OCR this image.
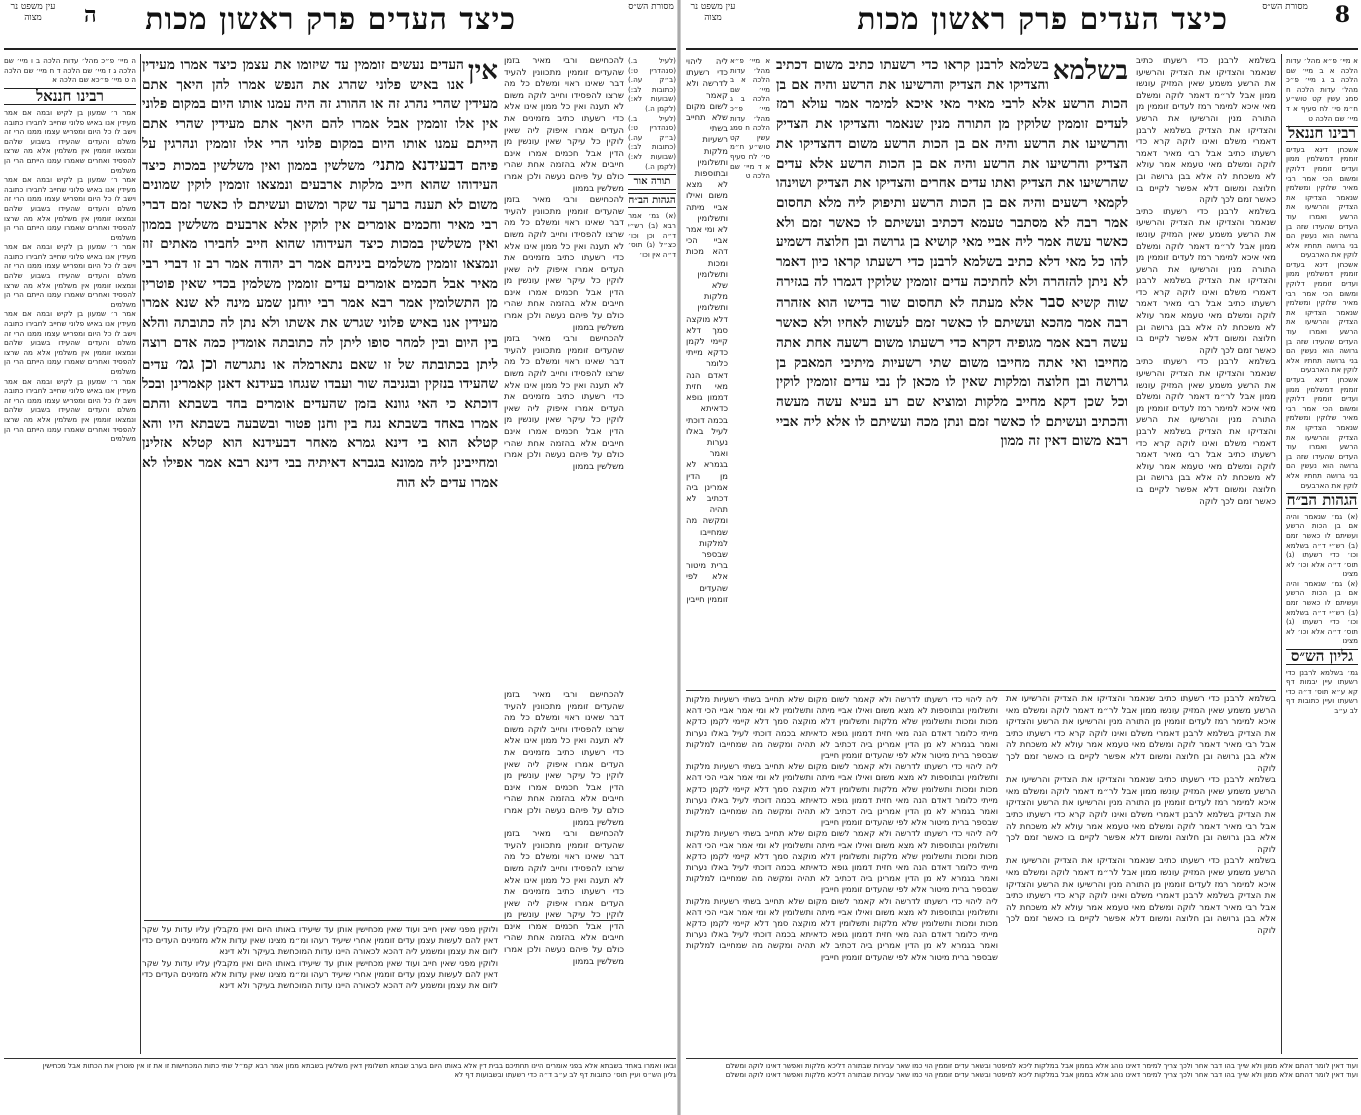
8
כיצד העדים פרק ראשון מכות
עין משפט נר מצוה
מסורת הש״ס

א מיי׳ פ״א מהל׳ עדות הלכה א ב מיי׳ שם הלכה ב ג מיי׳ פ״כ מהל׳ עדות הלכה ח סמג עשין קט טוש״ע ח״מ סי׳ לח סעיף א ד מיי׳ שם הלכה ט

רבינו חננאל

אשכחן דינא בעדים זוממין דמשלמין ממון ועדים זוממין דלוקין ומשום הכי אמר רבי מאיר שלוקין ומשלמין שנאמר הצדיקו את הצדיק והרשיעו את הרשע ואמרו עוד העדים שהעידו שזה בן גרושה הוא נעשין הם בני גרושה תחתיו אלא לוקין את הארבעים

אשכחן דינא בעדים זוממין דמשלמין ממון ועדים זוממין דלוקין ומשום הכי אמר רבי מאיר שלוקין ומשלמין שנאמר הצדיקו את הצדיק והרשיעו את הרשע ואמרו עוד העדים שהעידו שזה בן גרושה הוא נעשין הם בני גרושה תחתיו אלא לוקין את הארבעים

אשכחן דינא בעדים זוממין דמשלמין ממון ועדים זוממין דלוקין ומשום הכי אמר רבי מאיר שלוקין ומשלמין שנאמר הצדיקו את הצדיק והרשיעו את הרשע ואמרו עוד העדים שהעידו שזה בן גרושה הוא נעשין הם בני גרושה תחתיו אלא לוקין את הארבעים

הגהות הב״ח

(א) גמ׳ שנאמר והיה אם בן הכות הרשע ועשיתם לו כאשר זמם (ב) רש״י ד״ה בשלמא וכו׳ כדי רשעתו (ג) תוס׳ ד״ה אלא וכו׳ לא מצינו

(א) גמ׳ שנאמר והיה אם בן הכות הרשע ועשיתם לו כאשר זמם (ב) רש״י ד״ה בשלמא וכו׳ כדי רשעתו (ג) תוס׳ ד״ה אלא וכו׳ לא מצינו

גליון הש״ס

גמ׳ בשלמא לרבנן כדי רשעתו עיין יבמות דף קא ע״א תוס׳ ד״ה כדי רשעתו ועיין כתובות דף לב ע״ב

בשלמא לרבנן כדי רשעתו כתיב שנאמר והצדיקו את הצדיק והרשיעו את הרשע משמע שאין המזיק עונשו ממון אבל לר״מ דאמר לוקה ומשלם מאי איכא למימר רמז לעדים זוממין מן התורה מנין והרשיעו את הרשע והצדיקו את הצדיק בשלמא לרבנן דאמרי משלם ואינו לוקה קרא כדי רשעתו כתיב אבל רבי מאיר דאמר לוקה ומשלם מאי טעמא אמר עולא לא משכחת לה אלא בבן גרושה ובן חלוצה ומשום דלא אפשר לקיים בו כאשר זמם לכך לוקה

בשלמא לרבנן כדי רשעתו כתיב שנאמר והצדיקו את הצדיק והרשיעו את הרשע משמע שאין המזיק עונשו ממון אבל לר״מ דאמר לוקה ומשלם מאי איכא למימר רמז לעדים זוממין מן התורה מנין והרשיעו את הרשע והצדיקו את הצדיק בשלמא לרבנן דאמרי משלם ואינו לוקה קרא כדי רשעתו כתיב אבל רבי מאיר דאמר לוקה ומשלם מאי טעמא אמר עולא לא משכחת לה אלא בבן גרושה ובן חלוצה ומשום דלא אפשר לקיים בו כאשר זמם לכך לוקה

בשלמא לרבנן כדי רשעתו כתיב שנאמר והצדיקו את הצדיק והרשיעו את הרשע משמע שאין המזיק עונשו ממון אבל לר״מ דאמר לוקה ומשלם מאי איכא למימר רמז לעדים זוממין מן התורה מנין והרשיעו את הרשע והצדיקו את הצדיק בשלמא לרבנן דאמרי משלם ואינו לוקה קרא כדי רשעתו כתיב אבל רבי מאיר דאמר לוקה ומשלם מאי טעמא אמר עולא לא משכחת לה אלא בבן גרושה ובן חלוצה ומשום דלא אפשר לקיים בו כאשר זמם לכך לוקה

בשלמא
בשלמא לרבנן קראו כדי רשעתו כתיב משום דכתיב והצדיקו את הצדיק והרשיעו את הרשע והיה אם בן הכות הרשע אלא לרבי מאיר מאי איכא למימר אמר עולא רמז לעדים זוממין שלוקין מן התורה מנין שנאמר והצדיקו את הצדיק והרשיעו את הרשע והיה אם בן הכות הרשע משום דהצדיקו את הצדיק והרשיעו את הרשע והיה אם בן הכות הרשע אלא עדים שהרשיעו את הצדיק ואתו עדים אחרים והצדיקו את הצדיק ושוינהו לקמאי רשעים והיה אם בן הכות הרשע ותיפוק ליה מלא תחסום אמר רבה לא מסתבר טעמא דכתיב ועשיתם לו כאשר זמם ולא כאשר עשה אמר ליה אביי מאי קושיא בן גרושה ובן חלוצה דשמיע להו כל מאי דלא כתיב בשלמא לרבנן כדי רשעתו קראו כיון דאמר לא ניתן להזהרה ולא לחתיכה עדים זוממין שלוקין דגמרו לה בגזירה שוה קשיא סבר אלא מעתה לא תחסום שור בדישו הוא אזהרה רבה אמר מהכא ועשיתם לו כאשר זמם לעשות לאחיו ולא כאשר עשה רבא אמר מגופיה דקרא כדי רשעתו משום רשעה אחת אתה מחייבו ואי אתה מחייבו משום שתי רשעיות מיתיבי המאבק בן גרושה ובן חלוצה ומלקות שאין לו מכאן לן נבי עדים זוממין לוקין וכל שכן דקא מחייב מלקות ומוציא שם רע בעיא עשה מעשה והכתיב ועשיתם לו כאשר זמם ונתן מכה ועשיתם לו אלא ליה אביי רבא משום דאין זה ממון

א מיי׳ פ״א מהל׳ עדות הלכה א ב מיי׳ שם הלכה ב ג מיי׳ פ״כ מהל׳ עדות הלכה ח סמג עשין קט טוש״ע ח״מ סי׳ לח סעיף א ד מיי׳ שם הלכה ט

ליה ליהוי כדי רשעתו לדרשה ולא קאמר לשום מקום שלא תחייב בשתי רשעיות מלקות ותשלומין ובתוספות לא מצא משום ואילו אביי מיתה ותשלומין לא ומי אמר אביי הכי דהא מכות ומכות ותשלומין שלא מלקות ותשלומין דלא מוקצה סמך דלא קיימי לקמן כדקא מייתי כלומר דאדם הנה מאי חזית דממון גופא כדאיתא בכמה דוכתי לעיל באלו נערות ואמר בגמרא לא מן הדין אמרינן ביה דכתיב לא תהיה ומקשה מה שמחייבו למלקות שבספר ברית מיטור אלא לפי שהעדים זוממין חייבין

בשלמא לרבנן כדי רשעתו כתיב שנאמר והצדיקו את הצדיק והרשיעו את הרשע משמע שאין המזיק עונשו ממון אבל לר״מ דאמר לוקה ומשלם מאי איכא למימר רמז לעדים זוממין מן התורה מנין והרשיעו את הרשע והצדיקו את הצדיק בשלמא לרבנן דאמרי משלם ואינו לוקה קרא כדי רשעתו כתיב אבל רבי מאיר דאמר לוקה ומשלם מאי טעמא אמר עולא לא משכחת לה אלא בבן גרושה ובן חלוצה ומשום דלא אפשר לקיים בו כאשר זמם לכך לוקה

בשלמא לרבנן כדי רשעתו כתיב שנאמר והצדיקו את הצדיק והרשיעו את הרשע משמע שאין המזיק עונשו ממון אבל לר״מ דאמר לוקה ומשלם מאי איכא למימר רמז לעדים זוממין מן התורה מנין והרשיעו את הרשע והצדיקו את הצדיק בשלמא לרבנן דאמרי משלם ואינו לוקה קרא כדי רשעתו כתיב אבל רבי מאיר דאמר לוקה ומשלם מאי טעמא אמר עולא לא משכחת לה אלא בבן גרושה ובן חלוצה ומשום דלא אפשר לקיים בו כאשר זמם לכך לוקה

בשלמא לרבנן כדי רשעתו כתיב שנאמר והצדיקו את הצדיק והרשיעו את הרשע משמע שאין המזיק עונשו ממון אבל לר״מ דאמר לוקה ומשלם מאי איכא למימר רמז לעדים זוממין מן התורה מנין והרשיעו את הרשע והצדיקו את הצדיק בשלמא לרבנן דאמרי משלם ואינו לוקה קרא כדי רשעתו כתיב אבל רבי מאיר דאמר לוקה ומשלם מאי טעמא אמר עולא לא משכחת לה אלא בבן גרושה ובן חלוצה ומשום דלא אפשר לקיים בו כאשר זמם לכך לוקה

ליה ליהוי כדי רשעתו לדרשה ולא קאמר לשום מקום שלא תחייב בשתי רשעיות מלקות ותשלומין ובתוספות לא מצא משום ואילו אביי מיתה ותשלומין לא ומי אמר אביי הכי דהא מכות ומכות ותשלומין שלא מלקות ותשלומין דלא מוקצה סמך דלא קיימי לקמן כדקא מייתי כלומר דאדם הנה מאי חזית דממון גופא כדאיתא בכמה דוכתי לעיל באלו נערות ואמר בגמרא לא מן הדין אמרינן ביה דכתיב לא תהיה ומקשה מה שמחייבו למלקות שבספר ברית מיטור אלא לפי שהעדים זוממין חייבין

ליה ליהוי כדי רשעתו לדרשה ולא קאמר לשום מקום שלא תחייב בשתי רשעיות מלקות ותשלומין ובתוספות לא מצא משום ואילו אביי מיתה ותשלומין לא ומי אמר אביי הכי דהא מכות ומכות ותשלומין שלא מלקות ותשלומין דלא מוקצה סמך דלא קיימי לקמן כדקא מייתי כלומר דאדם הנה מאי חזית דממון גופא כדאיתא בכמה דוכתי לעיל באלו נערות ואמר בגמרא לא מן הדין אמרינן ביה דכתיב לא תהיה ומקשה מה שמחייבו למלקות שבספר ברית מיטור אלא לפי שהעדים זוממין חייבין

ליה ליהוי כדי רשעתו לדרשה ולא קאמר לשום מקום שלא תחייב בשתי רשעיות מלקות ותשלומין ובתוספות לא מצא משום ואילו אביי מיתה ותשלומין לא ומי אמר אביי הכי דהא מכות ומכות ותשלומין שלא מלקות ותשלומין דלא מוקצה סמך דלא קיימי לקמן כדקא מייתי כלומר דאדם הנה מאי חזית דממון גופא כדאיתא בכמה דוכתי לעיל באלו נערות ואמר בגמרא לא מן הדין אמרינן ביה דכתיב לא תהיה ומקשה מה שמחייבו למלקות שבספר ברית מיטור אלא לפי שהעדים זוממין חייבין

ליה ליהוי כדי רשעתו לדרשה ולא קאמר לשום מקום שלא תחייב בשתי רשעיות מלקות ותשלומין ובתוספות לא מצא משום ואילו אביי מיתה ותשלומין לא ומי אמר אביי הכי דהא מכות ומכות ותשלומין שלא מלקות ותשלומין דלא מוקצה סמך דלא קיימי לקמן כדקא מייתי כלומר דאדם הנה מאי חזית דממון גופא כדאיתא בכמה דוכתי לעיל באלו נערות ואמר בגמרא לא מן הדין אמרינן ביה דכתיב לא תהיה ומקשה מה שמחייבו למלקות שבספר ברית מיטור אלא לפי שהעדים זוממין חייבין

ועוד דאין לומר דהתם אלא ממון ולא שייך בהו דבר אחר ולכך צריך למימר דאינו נוהג אלא בממון אבל במלקות ליכא למיפטר ובשאר עדים זוממין הוי כמו שאר עבירות שבתורה דליכא מלקות ואפשר דאינו לוקה ומשלם

ועוד דאין לומר דהתם אלא ממון ולא שייך בהו דבר אחר ולכך צריך למימר דאינו נוהג אלא בממון אבל במלקות ליכא למיפטר ובשאר עדים זוממין הוי כמו שאר עבירות שבתורה דליכא מלקות ואפשר דאינו לוקה ומשלם

כיצד העדים פרק ראשון מכות
ה
עין משפט נר מצוה
מסורת הש״ס

להכחישם ורבי מאיר בזמן שהעדים זוממין מתכוונין להעיד דבר שאינו ראוי ומשלם כל מה שרצו להפסידו וחייב לוקה משום לא תענה ואין כל ממון אינו אלא כדי רשעתו כתיב מזמינים את העדים אמרו איפוק ליה שאין לוקין כל עיקר שאין עונשין מן הדין אבל חכמים אמרו אינם חייבים אלא בהזמה אחת שהרי כולם על פיהם נעשה ולכן אמרו משלשין בממון

להכחישם ורבי מאיר בזמן שהעדים זוממין מתכוונין להעיד דבר שאינו ראוי ומשלם כל מה שרצו להפסידו וחייב לוקה משום לא תענה ואין כל ממון אינו אלא כדי רשעתו כתיב מזמינים את העדים אמרו איפוק ליה שאין לוקין כל עיקר שאין עונשין מן הדין אבל חכמים אמרו אינם חייבים אלא בהזמה אחת שהרי כולם על פיהם נעשה ולכן אמרו משלשין בממון

להכחישם ורבי מאיר בזמן שהעדים זוממין מתכוונין להעיד דבר שאינו ראוי ומשלם כל מה שרצו להפסידו וחייב לוקה משום לא תענה ואין כל ממון אינו אלא כדי רשעתו כתיב מזמינים את העדים אמרו איפוק ליה שאין לוקין כל עיקר שאין עונשין מן הדין אבל חכמים אמרו אינם חייבים אלא בהזמה אחת שהרי כולם על פיהם נעשה ולכן אמרו משלשין בממון

(לעיל ב.) (סנהדרין ט:) (ב״ק עה.) (כתובות לב:) (שבועות לא:) (לקמן ה.)

(לעיל ב.) (סנהדרין ט:) (ב״ק עה.) (כתובות לב:) (שבועות לא:) (לקמן ה.)

תורה אור
הגהות הב״ח

(א) גמ׳ אמר רבא (ב) רש״י ד״ה וכן וכו׳ כצ״ל (ג) תוס׳ ד״ה אין וכו׳

אין
העדים נעשים זוממין עד שיזומו את עצמן כיצד אמרו מעידין אנו באיש פלוני שהרג את הנפש אמרו להן היאך אתם מעידין שהרי נהרג זה או ההורג זה היה עמנו אותו היום במקום פלוני אין אלו זוממין אבל אמרו להם היאך אתם מעידין שהרי אתם הייתם עמנו אותו היום במקום פלוני הרי אלו זוממין ונהרגין על פיהם דבעידנא מתני׳ משלשין בממון ואין משלשין במכות כיצד העידוהו שהוא חייב מלקות ארבעים ונמצאו זוממין לוקין שמונים משום לא תענה ברעך עד שקר ומשום ועשיתם לו כאשר זמם דברי רבי מאיר וחכמים אומרים אין לוקין אלא ארבעים משלשין בממון ואין משלשין במכות כיצד העידוהו שהוא חייב לחבירו מאתים זוז ונמצאו זוממין משלמים ביניהם אמר רב יהודה אמר רב זו דברי רבי מאיר אבל חכמים אומרים עדים זוממין משלמין בכדי שאין פוטרין מן התשלומין אמר רבא אמר רבי יוחנן שמע מינה לא שנא אמרו מעידין אנו באיש פלוני שגרש את אשתו ולא נתן לה כתובתה והלא בין היום ובין למחר סופו ליתן לה כתובתה אומדין כמה אדם רוצה ליתן בכתובתה של זו שאם נתארמלה או נתגרשה וכן גמ׳ עדים שהעידו בנזקין ובגניבה שור ועבדו שנגחו בעידנא דאנן קאמרינן ובכל דוכתא כי האי גוונא בזמן שהעדים אומרים בחד בשבתא והתם אמרו באחד בשבתא נגח בין וחנן פטור ובשבעה בשבתא היו והא קטלא הוא בי דינא גמרא מאחר דבעידנא הוא קטלא אזלינן ומחייבינן ליה ממונא בגברא דאיתיה בבי דינא רבא אמר אפילו לא אמרו עדים לא הוה

ה מיי׳ פ״כ מהל׳ עדות הלכה ב ו מיי׳ שם הלכה ג ז מיי׳ שם הלכה ד ח מיי׳ שם הלכה ה ט מיי׳ פ״כא שם הלכה א

רבינו חננאל

אמר ר׳ שמעון בן לקיש ובמה אם אמר מעידין אנו באיש פלוני שחייב לחבירו כתובה וישב לו כל היום ומפריש עצמו ממנו הרי זה משלם והעדים שהעידו בשבוע שלהם ונמצאו זוממין אין משלמין אלא מה שרצו להפסיד ואחרים שאמרו עמנו הייתם הרי הן משלמים

אמר ר׳ שמעון בן לקיש ובמה אם אמר מעידין אנו באיש פלוני שחייב לחבירו כתובה וישב לו כל היום ומפריש עצמו ממנו הרי זה משלם והעדים שהעידו בשבוע שלהם ונמצאו זוממין אין משלמין אלא מה שרצו להפסיד ואחרים שאמרו עמנו הייתם הרי הן משלמים

אמר ר׳ שמעון בן לקיש ובמה אם אמר מעידין אנו באיש פלוני שחייב לחבירו כתובה וישב לו כל היום ומפריש עצמו ממנו הרי זה משלם והעדים שהעידו בשבוע שלהם ונמצאו זוממין אין משלמין אלא מה שרצו להפסיד ואחרים שאמרו עמנו הייתם הרי הן משלמים

אמר ר׳ שמעון בן לקיש ובמה אם אמר מעידין אנו באיש פלוני שחייב לחבירו כתובה וישב לו כל היום ומפריש עצמו ממנו הרי זה משלם והעדים שהעידו בשבוע שלהם ונמצאו זוממין אין משלמין אלא מה שרצו להפסיד ואחרים שאמרו עמנו הייתם הרי הן משלמים

אמר ר׳ שמעון בן לקיש ובמה אם אמר מעידין אנו באיש פלוני שחייב לחבירו כתובה וישב לו כל היום ומפריש עצמו ממנו הרי זה משלם והעדים שהעידו בשבוע שלהם ונמצאו זוממין אין משלמין אלא מה שרצו להפסיד ואחרים שאמרו עמנו הייתם הרי הן משלמים

ולוקין מפני שאין חייב ועוד שאין מכחישין אותן עד שיעידו באותו היום ואין מקבלין עליו עדות על שקר דאין להם לעשות עצמן עדים זוממין אחרי שיעיד רעהו ומ״מ מצינו שאין עדות אלא מזמינים העדים כדי לזום את עצמן ומשמע ליה דהכא לכאורה היינו עדות המוכחשת בעיקר ולא דינא

ולוקין מפני שאין חייב ועוד שאין מכחישין אותן עד שיעידו באותו היום ואין מקבלין עליו עדות על שקר דאין להם לעשות עצמן עדים זוממין אחרי שיעיד רעהו ומ״מ מצינו שאין עדות אלא מזמינים העדים כדי לזום את עצמן ומשמע ליה דהכא לכאורה היינו עדות המוכחשת בעיקר ולא דינא

להכחישם ורבי מאיר בזמן שהעדים זוממין מתכוונין להעיד דבר שאינו ראוי ומשלם כל מה שרצו להפסידו וחייב לוקה משום לא תענה ואין כל ממון אינו אלא כדי רשעתו כתיב מזמינים את העדים אמרו איפוק ליה שאין לוקין כל עיקר שאין עונשין מן הדין אבל חכמים אמרו אינם חייבים אלא בהזמה אחת שהרי כולם על פיהם נעשה ולכן אמרו משלשין בממון

להכחישם ורבי מאיר בזמן שהעדים זוממין מתכוונין להעיד דבר שאינו ראוי ומשלם כל מה שרצו להפסידו וחייב לוקה משום לא תענה ואין כל ממון אינו אלא כדי רשעתו כתיב מזמינים את העדים אמרו איפוק ליה שאין לוקין כל עיקר שאין עונשין מן הדין אבל חכמים אמרו אינם חייבים אלא בהזמה אחת שהרי כולם על פיהם נעשה ולכן אמרו משלשין בממון

ובאו ואמרו באחד בשבתא אלא בפני אומרים היינו תחתיכם בבית דין אלא באותו היום בערב שבתא תשלומין דאין משלשין בשבתא ממון אמר רבא קמ״ל שתי כתות המכחישות זו את זו אין פוטרין את הכתות אבל מכחישין

גליון הש״ס ועיין תוס׳ כתובות דף לב ע״ב ד״ה כדי רשעתו ובשבועות דף לא
